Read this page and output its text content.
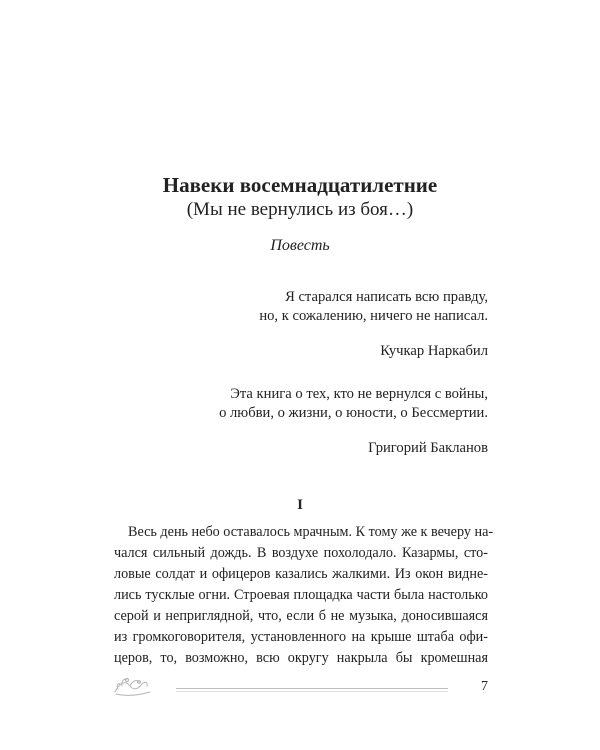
Навеки восемнадцатилетние
(Мы не вернулись из боя…)
Повесть
Я старался написать всю правду,
но, к сожалению, ничего не написал.
Кучкар Наркабил
Эта книга о тех, кто не вернулся с войны,
о любви, о жизни, о юности, о Бессмертии.
Григорий Бакланов
I
Весь день небо оставалось мрачным. К тому же к вечеру на-
чался сильный дождь. В воздухе похолодало. Казармы, сто-
ловые солдат и офицеров казались жалкими. Из окон видне-
лись тусклые огни. Строевая площадка части была настолько
серой и неприглядной, что, если б не музыка, доносившаяся
из громкоговорителя, установленного на крыше штаба офи-
церов, то, возможно, всю округу накрыла бы кромешная
7
